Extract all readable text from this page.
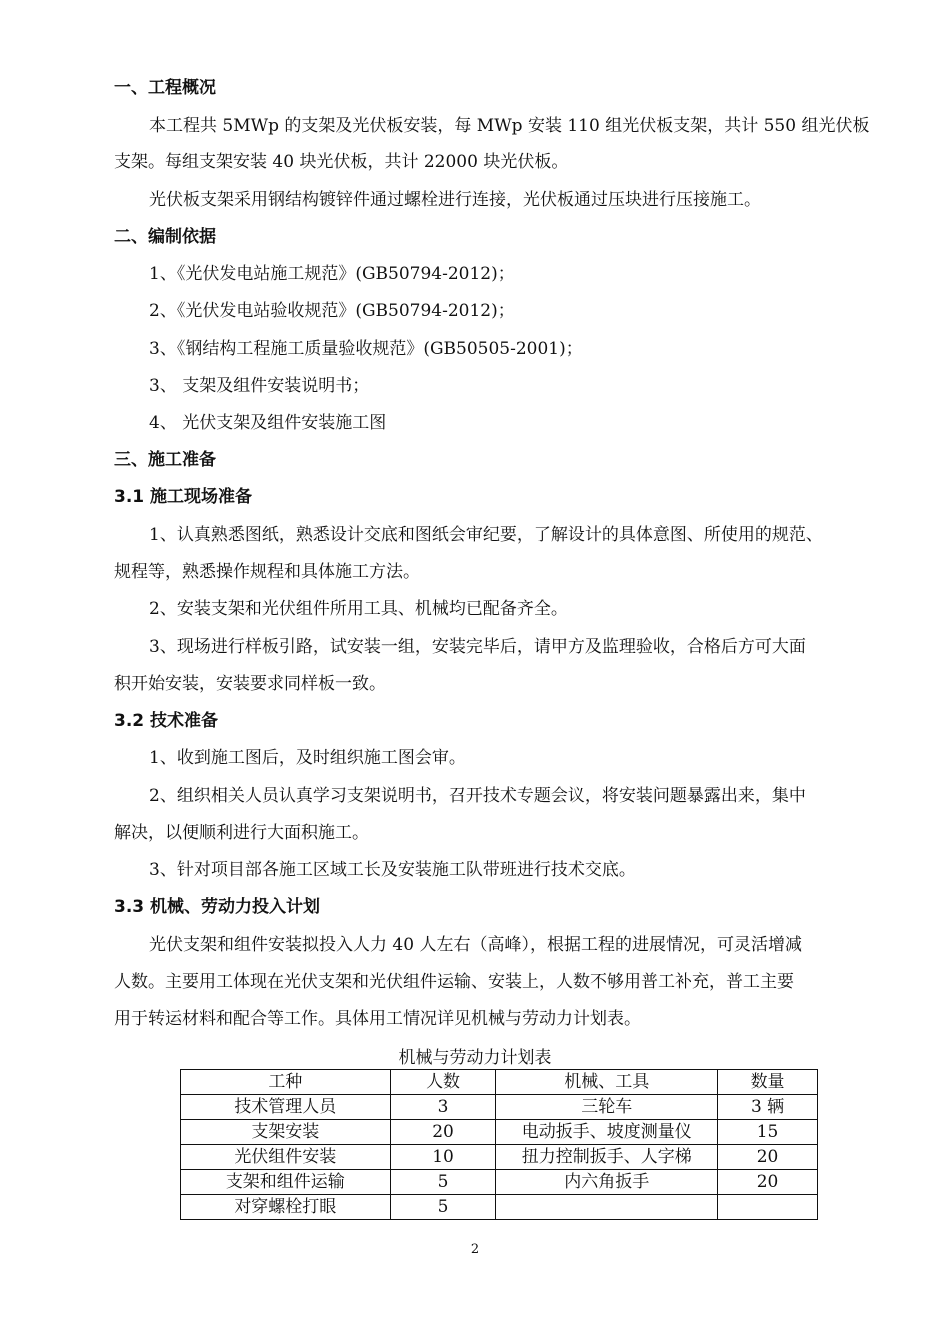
一、工程概况
本工程共 5MWp 的支架及光伏板安装，每 MWp 安装 110 组光伏板支架，共计 550 组光伏板
支架。每组支架安装 40 块光伏板，共计 22000 块光伏板。
光伏板支架采用钢结构镀锌件通过螺栓进行连接，光伏板通过压块进行压接施工。
二、编制依据
1、《光伏发电站施工规范》(GB50794-2012)；
2、《光伏发电站验收规范》(GB50794-2012)；
3、《钢结构工程施工质量验收规范》(GB50505-2001)；
3、 支架及组件安装说明书；
4、 光伏支架及组件安装施工图
三、施工准备
3.1 施工现场准备
1、认真熟悉图纸，熟悉设计交底和图纸会审纪要，了解设计的具体意图、所使用的规范、
规程等，熟悉操作规程和具体施工方法。
2、安装支架和光伏组件所用工具、机械均已配备齐全。
3、现场进行样板引路，试安装一组，安装完毕后，请甲方及监理验收，合格后方可大面
积开始安装，安装要求同样板一致。
3.2 技术准备
1、收到施工图后，及时组织施工图会审。
2、组织相关人员认真学习支架说明书，召开技术专题会议，将安装问题暴露出来，集中
解决，以便顺利进行大面积施工。
3、针对项目部各施工区域工长及安装施工队带班进行技术交底。
3.3 机械、劳动力投入计划
光伏支架和组件安装拟投入人力 40 人左右（高峰），根据工程的进展情况，可灵活增减
人数。主要用工体现在光伏支架和光伏组件运输、安装上，人数不够用普工补充，普工主要
用于转运材料和配合等工作。具体用工情况详见机械与劳动力计划表。
机械与劳动力计划表
工种	人数	机械、工具	数量
技术管理人员	3	三轮车	3 辆
支架安装	20	电动扳手、坡度测量仪	15
光伏组件安装	10	扭力控制扳手、人字梯	20
支架和组件运输	5	内六角扳手	20
对穿螺栓打眼	5		
2
